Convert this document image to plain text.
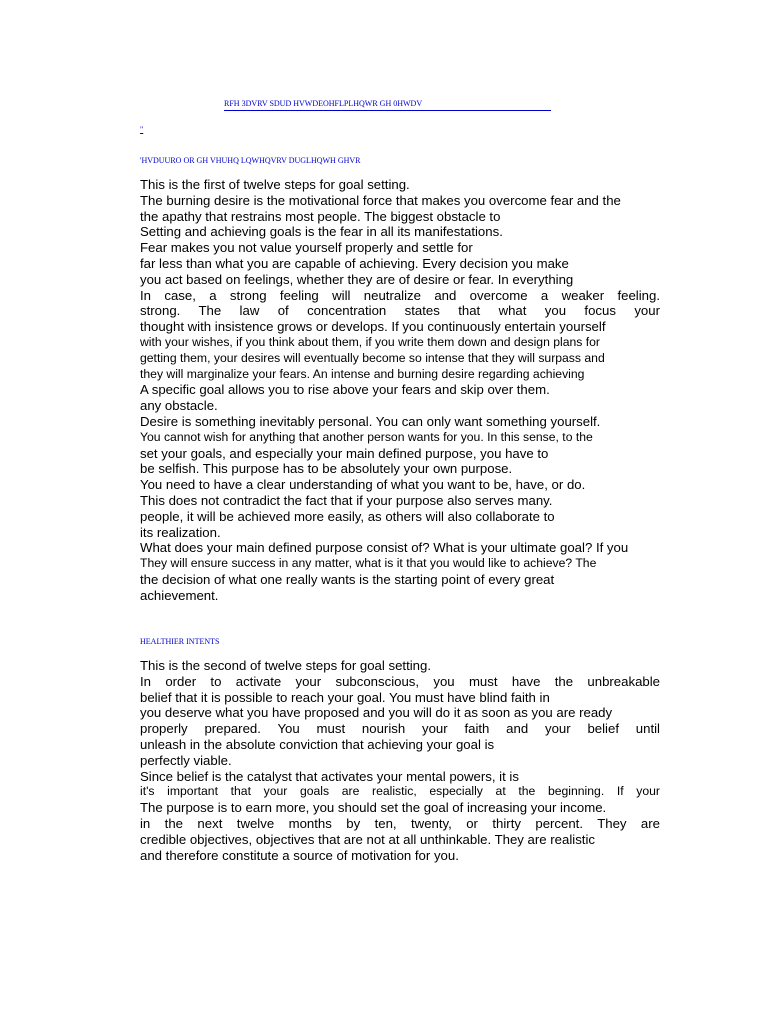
RFH 3DVRV SDUD HVWDEOHFLPLHQWR GH 0HWDV
"
'HVDUURO OR GH VHUHQ LQWHQVRV DUGLHQWH GHVR
This is the first of twelve steps for goal setting.
The burning desire is the motivational force that makes you overcome fear and the
the apathy that restrains most people. The biggest obstacle to
Setting and achieving goals is the fear in all its manifestations.
Fear makes you not value yourself properly and settle for
far less than what you are capable of achieving. Every decision you make
you act based on feelings, whether they are of desire or fear. In everything
In case, a strong feeling will neutralize and overcome a weaker feeling.
strong. The law of concentration states that what you focus your
thought with insistence grows or develops. If you continuously entertain yourself
with your wishes, if you think about them, if you write them down and design plans for
getting them, your desires will eventually become so intense that they will surpass and
they will marginalize your fears. An intense and burning desire regarding achieving
A specific goal allows you to rise above your fears and skip over them.
any obstacle.
Desire is something inevitably personal. You can only want something yourself.
You cannot wish for anything that another person wants for you. In this sense, to the
set your goals, and especially your main defined purpose, you have to
be selfish. This purpose has to be absolutely your own purpose.
You need to have a clear understanding of what you want to be, have, or do.
This does not contradict the fact that if your purpose also serves many.
people, it will be achieved more easily, as others will also collaborate to
its realization.
What does your main defined purpose consist of? What is your ultimate goal? If you
They will ensure success in any matter, what is it that you would like to achieve? The
the decision of what one really wants is the starting point of every great
achievement.
HEALTHIER INTENTS
This is the second of twelve steps for goal setting.
In order to activate your subconscious, you must have the unbreakable
belief that it is possible to reach your goal. You must have blind faith in
you deserve what you have proposed and you will do it as soon as you are ready
properly prepared. You must nourish your faith and your belief until
unleash in the absolute conviction that achieving your goal is
perfectly viable.
Since belief is the catalyst that activates your mental powers, it is
it's important that your goals are realistic, especially at the beginning. If your
The purpose is to earn more, you should set the goal of increasing your income.
in the next twelve months by ten, twenty, or thirty percent. They are
credible objectives, objectives that are not at all unthinkable. They are realistic
and therefore constitute a source of motivation for you.
